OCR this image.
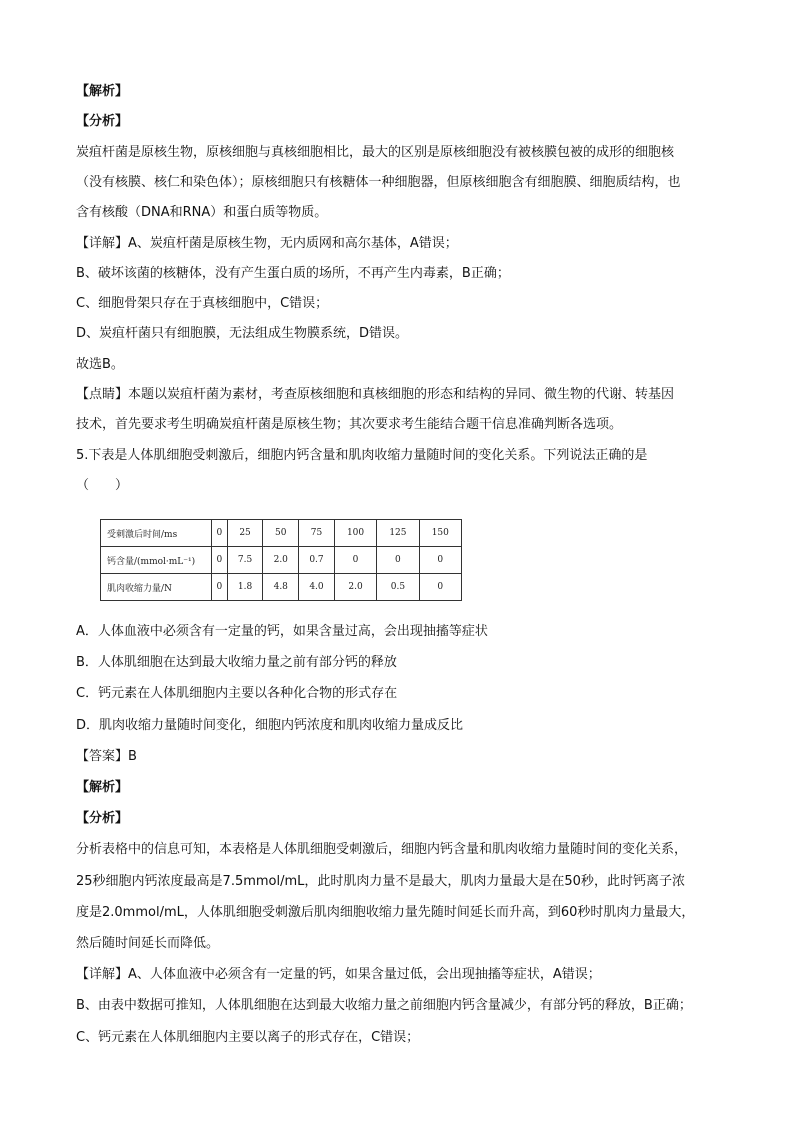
【解析】
【分析】
炭疽杆菌是原核生物，原核细胞与真核细胞相比，最大的区别是原核细胞没有被核膜包被的成形的细胞核
（没有核膜、核仁和染色体）；原核细胞只有核糖体一种细胞器，但原核细胞含有细胞膜、细胞质结构，也
含有核酸（DNA和RNA）和蛋白质等物质。
【详解】A、炭疽杆菌是原核生物，无内质网和高尔基体，A错误；
B、破坏该菌的核糖体，没有产生蛋白质的场所，不再产生内毒素，B正确；
C、细胞骨架只存在于真核细胞中，C错误；
D、炭疽杆菌只有细胞膜，无法组成生物膜系统，D错误。
故选B。
【点睛】本题以炭疽杆菌为素材，考查原核细胞和真核细胞的形态和结构的异同、微生物的代谢、转基因
技术，首先要求考生明确炭疽杆菌是原核生物；其次要求考生能结合题干信息准确判断各选项。
5.下表是人体肌细胞受刺激后，细胞内钙含量和肌肉收缩力量随时间的变化关系。下列说法正确的是
（　　）
受刺激后时间/ms	0	25	50	75	100	125	150
钙含量/(mmol·mL⁻¹)	0	7.5	2.0	0.7	0	0	0
肌肉收缩力量/N	0	1.8	4.8	4.0	2.0	0.5	0
A．人体血液中必须含有一定量的钙，如果含量过高，会出现抽搐等症状
B．人体肌细胞在达到最大收缩力量之前有部分钙的释放
C．钙元素在人体肌细胞内主要以各种化合物的形式存在
D．肌肉收缩力量随时间变化，细胞内钙浓度和肌肉收缩力量成反比
【答案】B
【解析】
【分析】
分析表格中的信息可知，本表格是人体肌细胞受刺激后，细胞内钙含量和肌肉收缩力量随时间的变化关系，
25秒细胞内钙浓度最高是7.5mmol/mL，此时肌肉力量不是最大，肌肉力量最大是在50秒，此时钙离子浓
度是2.0mmol/mL，人体肌细胞受刺激后肌肉细胞收缩力量先随时间延长而升高，到60秒时肌肉力量最大，
然后随时间延长而降低。
【详解】A、人体血液中必须含有一定量的钙，如果含量过低，会出现抽搐等症状，A错误；
B、由表中数据可推知，人体肌细胞在达到最大收缩力量之前细胞内钙含量减少，有部分钙的释放，B正确；
C、钙元素在人体肌细胞内主要以离子的形式存在，C错误；
